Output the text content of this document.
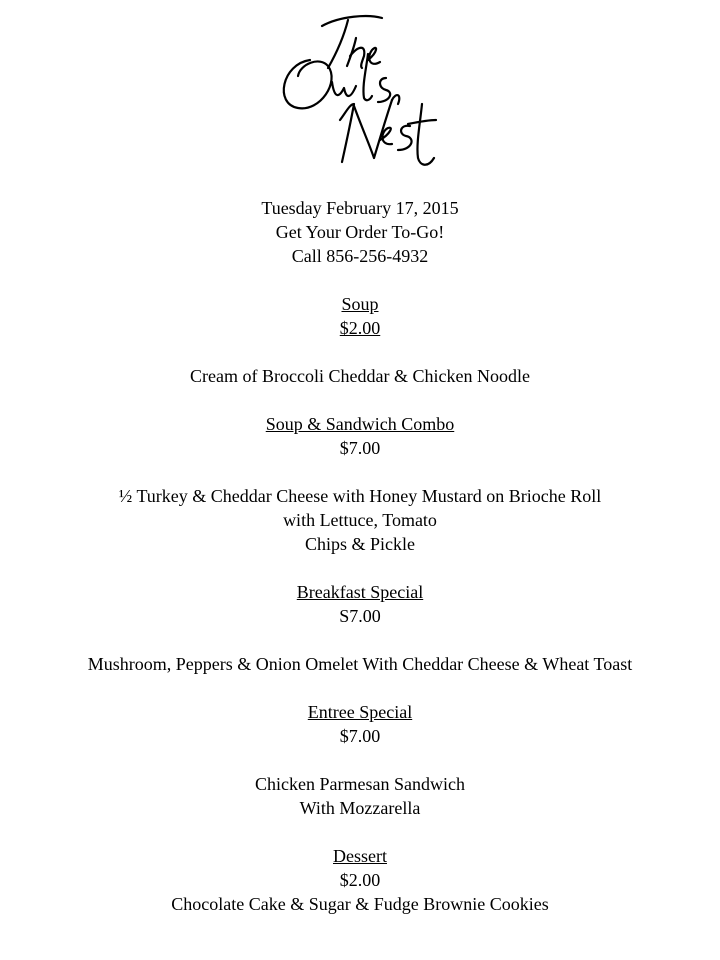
Tuesday February 17, 2015
Get Your Order To-Go!
Call 856-256-4932
Soup
$2.00
Cream of Broccoli Cheddar & Chicken Noodle
Soup & Sandwich Combo
$7.00
½ Turkey & Cheddar Cheese with Honey Mustard on Brioche Roll
with Lettuce, Tomato
Chips & Pickle
Breakfast Special
S7.00
Mushroom, Peppers & Onion Omelet With Cheddar Cheese & Wheat Toast
Entree Special
$7.00
Chicken Parmesan Sandwich
With Mozzarella
Dessert
$2.00
Chocolate Cake & Sugar & Fudge Brownie Cookies
